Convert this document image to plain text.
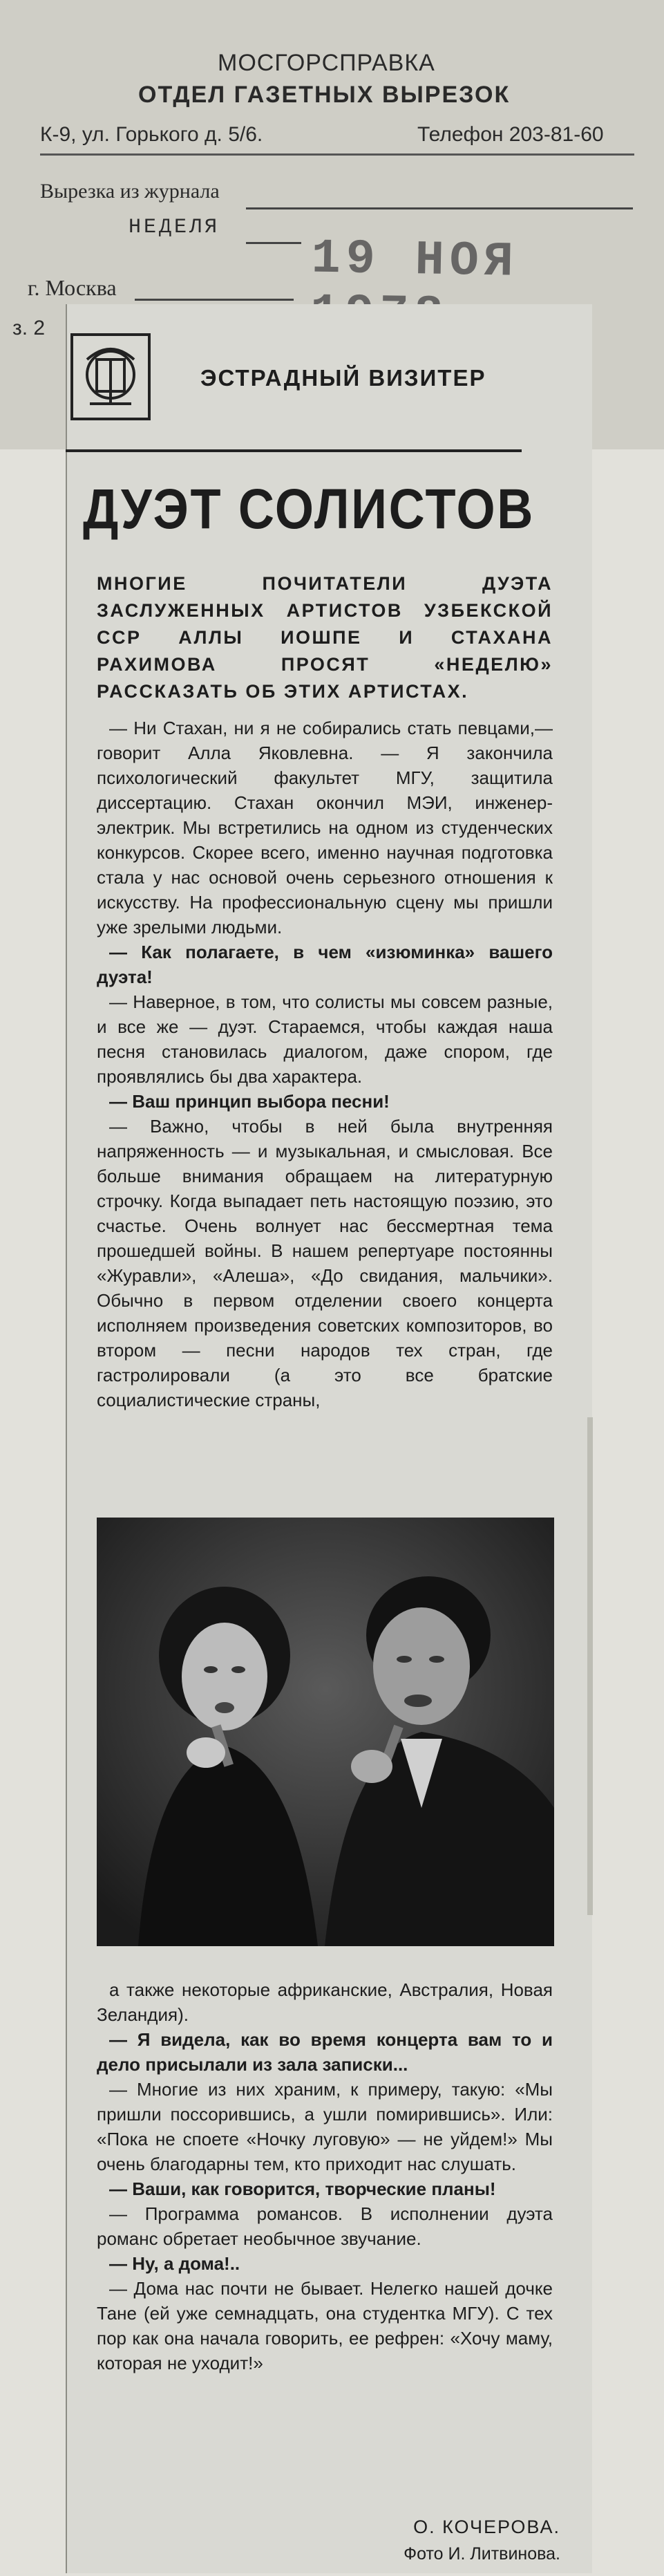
МОСГОРСПРАВКА
ОТДЕЛ ГАЗЕТНЫХ ВЫРЕЗОК
К-9, ул. Горького д. 5/6.	Телефон 203-81-60
Вырезка из журнала
НЕДЕЛЯ
г. Москва	19 НОЯ
з. 2
ЭСТРАДНЫЙ ВИЗИТЕР
ДУЭТ СОЛИСТОВ
МНОГИЕ ПОЧИТАТЕЛИ ДУЭТА ЗАСЛУЖЕННЫХ АРТИСТОВ УЗБЕКСКОЙ ССР АЛЛЫ ИОШПЕ И СТАХАНА РАХИМОВА ПРОСЯТ «НЕДЕЛЮ» РАССКАЗАТЬ ОБ ЭТИХ АРТИСТАХ.

— Ни Стахан, ни я не собирались стать певцами,— говорит Алла Яковлевна. — Я закончила психологический факультет МГУ, защитила диссертацию. Стахан окончил МЭИ, инженер-электрик. Мы встретились на одном из студенческих конкурсов. Скорее всего, именно научная подготовка стала у нас основой очень серьезного отношения к искусству. На профессиональную сцену мы пришли уже зрелыми людьми.

— Как полагаете, в чем «изюминка» вашего дуэта!

— Наверное, в том, что солисты мы совсем разные, и все же — дуэт. Стараемся, чтобы каждая наша песня становилась диалогом, даже спором, где проявлялись бы два характера.

— Ваш принцип выбора песни!

— Важно, чтобы в ней была внутренняя напряженность — и музыкальная, и смысловая. Все больше внимания обращаем на литературную строчку. Когда выпадает петь настоящую поэзию, это счастье. Очень волнует нас бессмертная тема прошедшей войны. В нашем репертуаре постоянны «Журавли», «Алеша», «До свидания, мальчики». Обычно в первом отделении своего концерта исполняем произведения советских композиторов, во втором — песни народов тех стран, где гастролировали (а это все братские социалистические страны,

а также некоторые африканские, Австралия, Новая Зеландия).

— Я видела, как во время концерта вам то и дело присылали из зала записки...

— Многие из них храним, к примеру, такую: «Мы пришли поссорившись, а ушли помирившись». Или: «Пока не споете «Ночку луговую» — не уйдем!» Мы очень благодарны тем, кто приходит нас слушать.

— Ваши, как говорится, творческие планы!

— Программа романсов. В исполнении дуэта романс обретает необычное звучание.

— Ну, а дома!..

— Дома нас почти не бывает. Нелегко нашей дочке Тане (ей уже семнадцать, она студентка МГУ). С тех пор как она начала говорить, ее рефрен: «Хочу маму, которая не уходит!»

О. КОЧЕРОВА.
Фото И. Литвинова.
